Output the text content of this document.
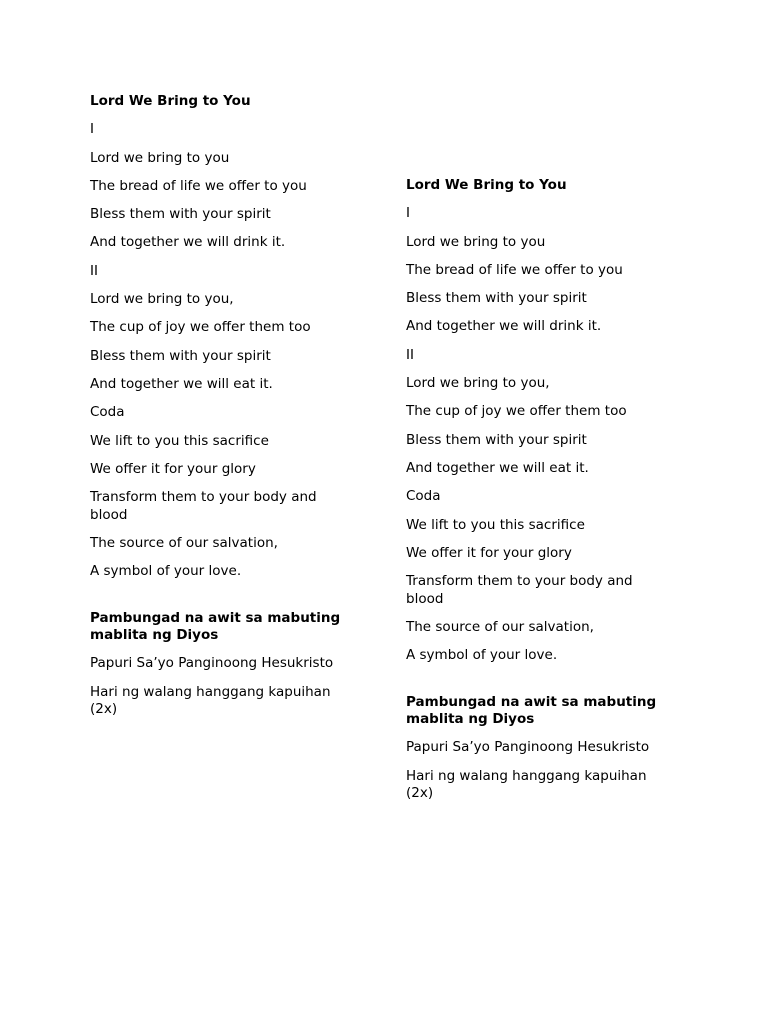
Lord We Bring to You
I
Lord we bring to you
The bread of life we offer to you
Bless them with your spirit
And together we will drink it.
II
Lord we bring to you,
The cup of joy we offer them too
Bless them with your spirit
And together we will eat it.
Coda
We lift to you this sacrifice
We offer it for your glory
Transform them to your body and blood
The source of our salvation,
A symbol of your love.
Pambungad na awit sa mabuting mablita ng Diyos
Papuri Sa’yo Panginoong Hesukristo
Hari ng walang hanggang kapuihan (2x)
Lord We Bring to You
I
Lord we bring to you
The bread of life we offer to you
Bless them with your spirit
And together we will drink it.
II
Lord we bring to you,
The cup of joy we offer them too
Bless them with your spirit
And together we will eat it.
Coda
We lift to you this sacrifice
We offer it for your glory
Transform them to your body and blood
The source of our salvation,
A symbol of your love.
Pambungad na awit sa mabuting mablita ng Diyos
Papuri Sa’yo Panginoong Hesukristo
Hari ng walang hanggang kapuihan (2x)
